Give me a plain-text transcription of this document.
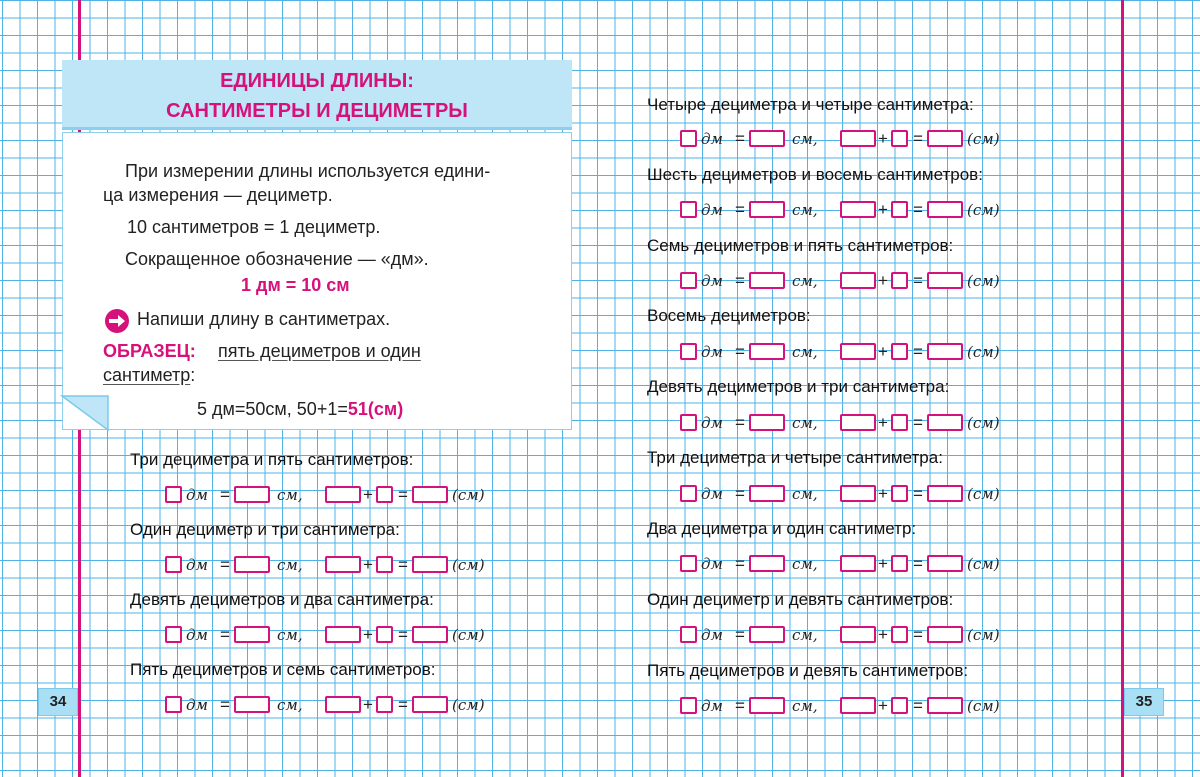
34	35
ЕДИНИЦЫ ДЛИНЫ:
САНТИМЕТРЫ И ДЕЦИМЕТРЫ
При измерении длины используется едини-
ца измерения — дециметр.
10 сантиметров = 1 дециметр.
Сокращенное обозначение — «дм».
1 дм = 10 см
Напиши длину в сантиметрах.
ОБРАЗЕЦ: пять дециметров и один
сантиметр:
5 дм=50см, 50+1=51(см)
Три дециметра и пять сантиметров:
Один дециметр и три сантиметра:
Девять дециметров и два сантиметра:
Пять дециметров и семь сантиметров:
Четыре дециметра и четыре сантиметра:
Шесть дециметров и восемь сантиметров:
Семь дециметров и пять сантиметров:
Восемь дециметров:
Девять дециметров и три сантиметра:
Три дециметра и четыре сантиметра:
Два дециметра и один сантиметр:
Один дециметр и девять сантиметров:
Пять дециметров и девять сантиметров:
дм =	см,	+ =	(см)
дм =	см,	+ =	(см)
дм =	см,	+ =	(см)
дм =	см,	+ =	(см)
дм =	см,	+ =	(см)
дм =	см,	+ =	(см)
дм =	см,	+ =	(см)
дм =	см,	+ =	(см)
дм =	см,	+ =	(см)
дм =	см,	+ =	(см)
дм =	см,	+ =	(см)
дм =	см,	+ =	(см)
дм =	см,	+ =	(см)
